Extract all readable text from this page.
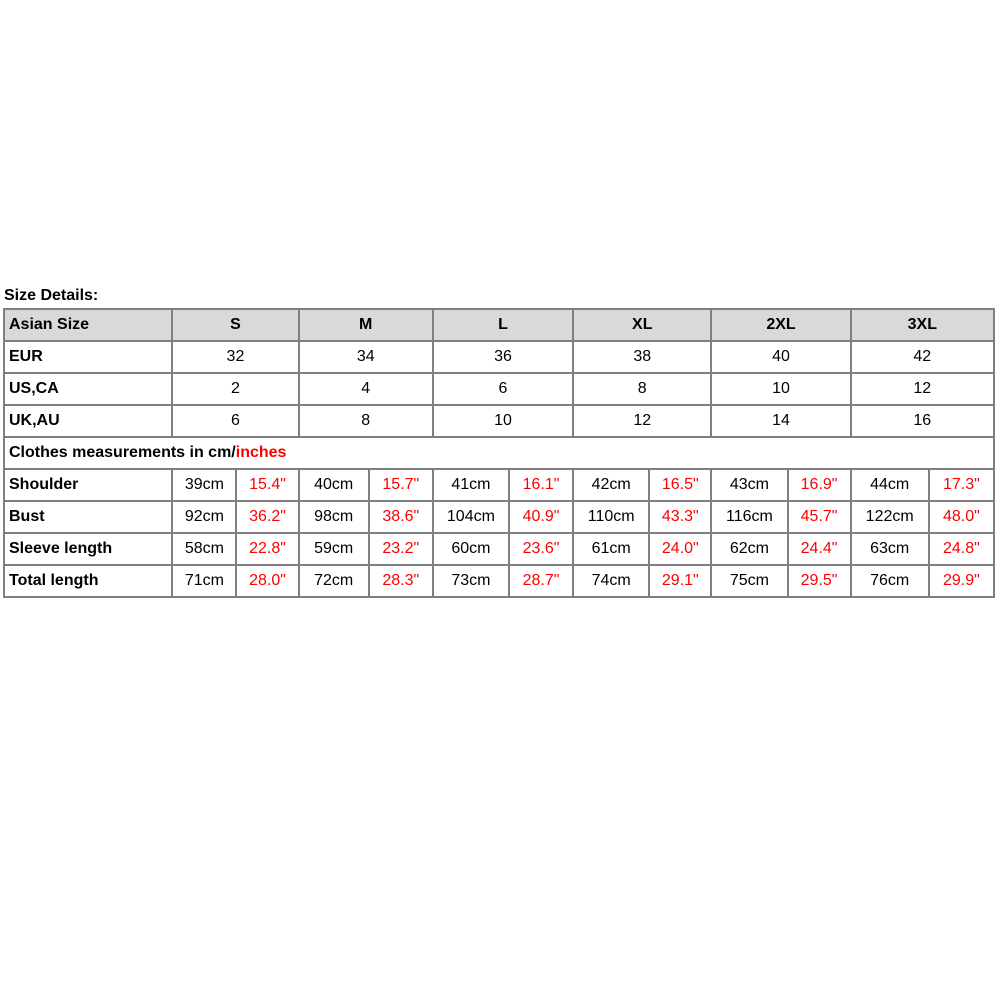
Size Details:
Asian Size	S		M		L		XL		2XL		3XL	
EUR	32		34		36		38		40		42	
US,CA	2		4		6		8		10		12	
UK,AU	6		8		10		12		14		16	
Clothes measurements in cm/inches												
Shoulder	39cm	15.4"	40cm	15.7"	41cm	16.1"	42cm	16.5"	43cm	16.9"	44cm	17.3"
Bust	92cm	36.2"	98cm	38.6"	104cm	40.9"	110cm	43.3"	116cm	45.7"	122cm	48.0"
Sleeve length	58cm	22.8"	59cm	23.2"	60cm	23.6"	61cm	24.0"	62cm	24.4"	63cm	24.8"
Total length	71cm	28.0"	72cm	28.3"	73cm	28.7"	74cm	29.1"	75cm	29.5"	76cm	29.9"
